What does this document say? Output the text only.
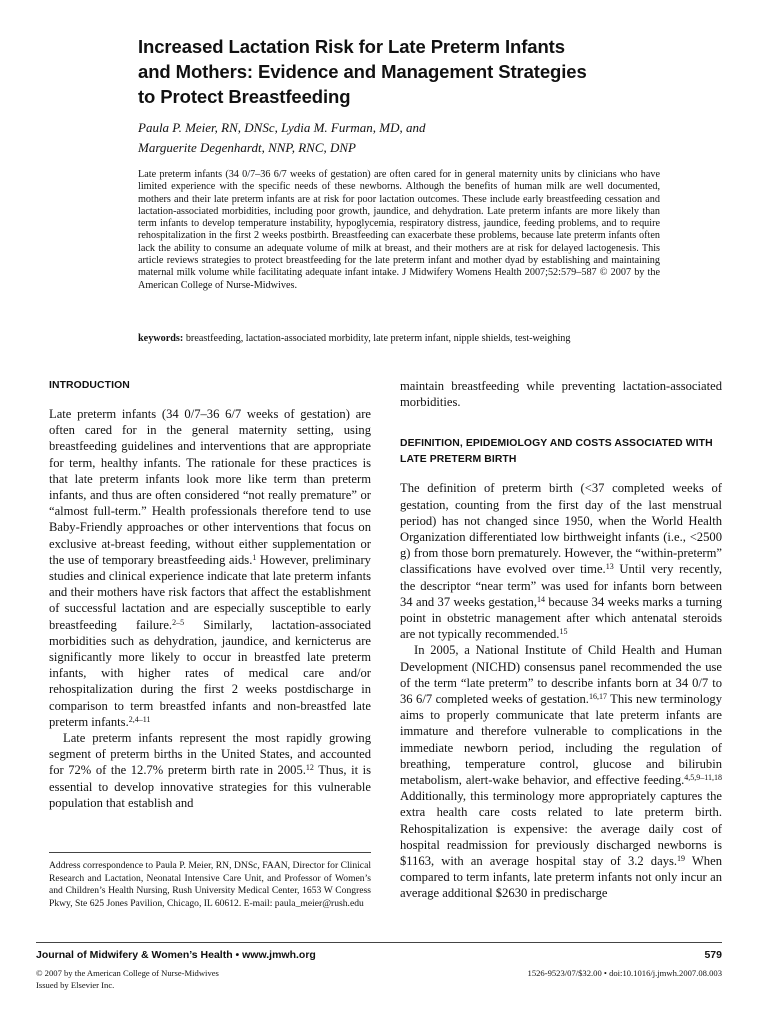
Increased Lactation Risk for Late Preterm Infants
and Mothers: Evidence and Management Strategies
to Protect Breastfeeding
Paula P. Meier, RN, DNSc, Lydia M. Furman, MD, and
Marguerite Degenhardt, NNP, RNC, DNP

Late preterm infants (34 0/7–36 6/7 weeks of gestation) are often cared for in general maternity units by clinicians who have limited experience with the specific needs of these newborns. Although the benefits of human milk are well documented, mothers and their late preterm infants are at risk for poor lactation outcomes. These include early breastfeeding cessation and lactation-associated morbidities, including poor growth, jaundice, and dehydration. Late preterm infants are more likely than term infants to develop temperature instability, hypoglycemia, respiratory distress, jaundice, feeding problems, and to require rehospitalization in the first 2 weeks postbirth. Breastfeeding can exacerbate these problems, because late preterm infants often lack the ability to consume an adequate volume of milk at breast, and their mothers are at risk for delayed lactogenesis. This article reviews strategies to protect breastfeeding for the late preterm infant and mother dyad by establishing and maintaining maternal milk volume while facilitating adequate infant intake. J Midwifery Womens Health 2007;52:579–587 © 2007 by the American College of Nurse-Midwives.

keywords: breastfeeding, lactation-associated morbidity, late preterm infant, nipple shields, test-weighing
INTRODUCTION

Late preterm infants (34 0/7–36 6/7 weeks of gestation) are often cared for in the general maternity setting, using breastfeeding guidelines and interventions that are appropriate for term, healthy infants. The rationale for these practices is that late preterm infants look more like term than preterm infants, and thus are often considered “not really premature” or “almost full-term.” Health professionals therefore tend to use Baby-Friendly approaches or other interventions that focus on exclusive at-breast feeding, without either supplementation or the use of temporary breastfeeding aids.$^1$ However, preliminary studies and clinical experience indicate that late preterm infants and their mothers have risk factors that affect the establishment of successful lactation and are especially susceptible to early breastfeeding failure.$^{2-5}$ Similarly, lactation-associated morbidities such as dehydration, jaundice, and kernicterus are significantly more likely to occur in breastfed late preterm infants, with higher rates of medical care and/or rehospitalization during the first 2 weeks postdischarge in comparison to term breastfed infants and non-breastfed late preterm infants.$^{2,4-11}$

Late preterm infants represent the most rapidly growing segment of preterm births in the United States, and accounted for 72% of the 12.7% preterm birth rate in 2005.12 Thus, it is essential to develop innovative strategies for this vulnerable population that establish and

Address correspondence to Paula P. Meier, RN, DNSc, FAAN, Director for Clinical Research and Lactation, Neonatal Intensive Care Unit, and Professor of Women’s and Children’s Health Nursing, Rush University Medical Center, 1653 W Congress Pkwy, Ste 625 Jones Pavilion, Chicago, IL 60612. E-mail: paula_meier@rush.edu

maintain breastfeeding while preventing lactation-associated morbidities.

DEFINITION, EPIDEMIOLOGY AND COSTS ASSOCIATED WITH
LATE PRETERM BIRTH

The definition of preterm birth (<37 completed weeks of gestation, counting from the first day of the last menstrual period) has not changed since 1950, when the World Health Organization differentiated low birthweight infants (i.e., <2500 g) from those born prematurely. However, the “within-preterm” classifications have evolved over time.$^{13}$ Until very recently, the descriptor “near term” was used for infants born between 34 and 37 weeks gestation,$^{14}$ because 34 weeks marks a turning point in obstetric management after which antenatal steroids are not typically recommended.$^{15}$

In 2005, a National Institute of Child Health and Human Development (NICHD) consensus panel recommended the use of the term “late preterm” to describe infants born at 34 0/7 to 36 6/7 completed weeks of gestation.$^{16,17}$ This new terminology aims to properly communicate that late preterm infants are immature and therefore vulnerable to complications in the immediate newborn period, including the regulation of breathing, temperature control, glucose and bilirubin metabolism, alert-wake behavior, and effective feeding.$^{4,5,9-11,18}$ Additionally, this terminology more appropriately captures the extra health care costs related to late preterm birth. Rehospitalization is expensive: the average daily cost of hospital readmission for previously discharged newborns is $1163, with an average hospital stay of 3.2 days.$^{19}$ When compared to term infants, late preterm infants not only incur an average additional $2630 in predischarge

Journal of Midwifery & Women’s Health • www.jmwh.org	579
© 2007 by the American College of Nurse-Midwives
Issued by Elsevier Inc.
1526-9523/07/$32.00 • doi:10.1016/j.jmwh.2007.08.003
